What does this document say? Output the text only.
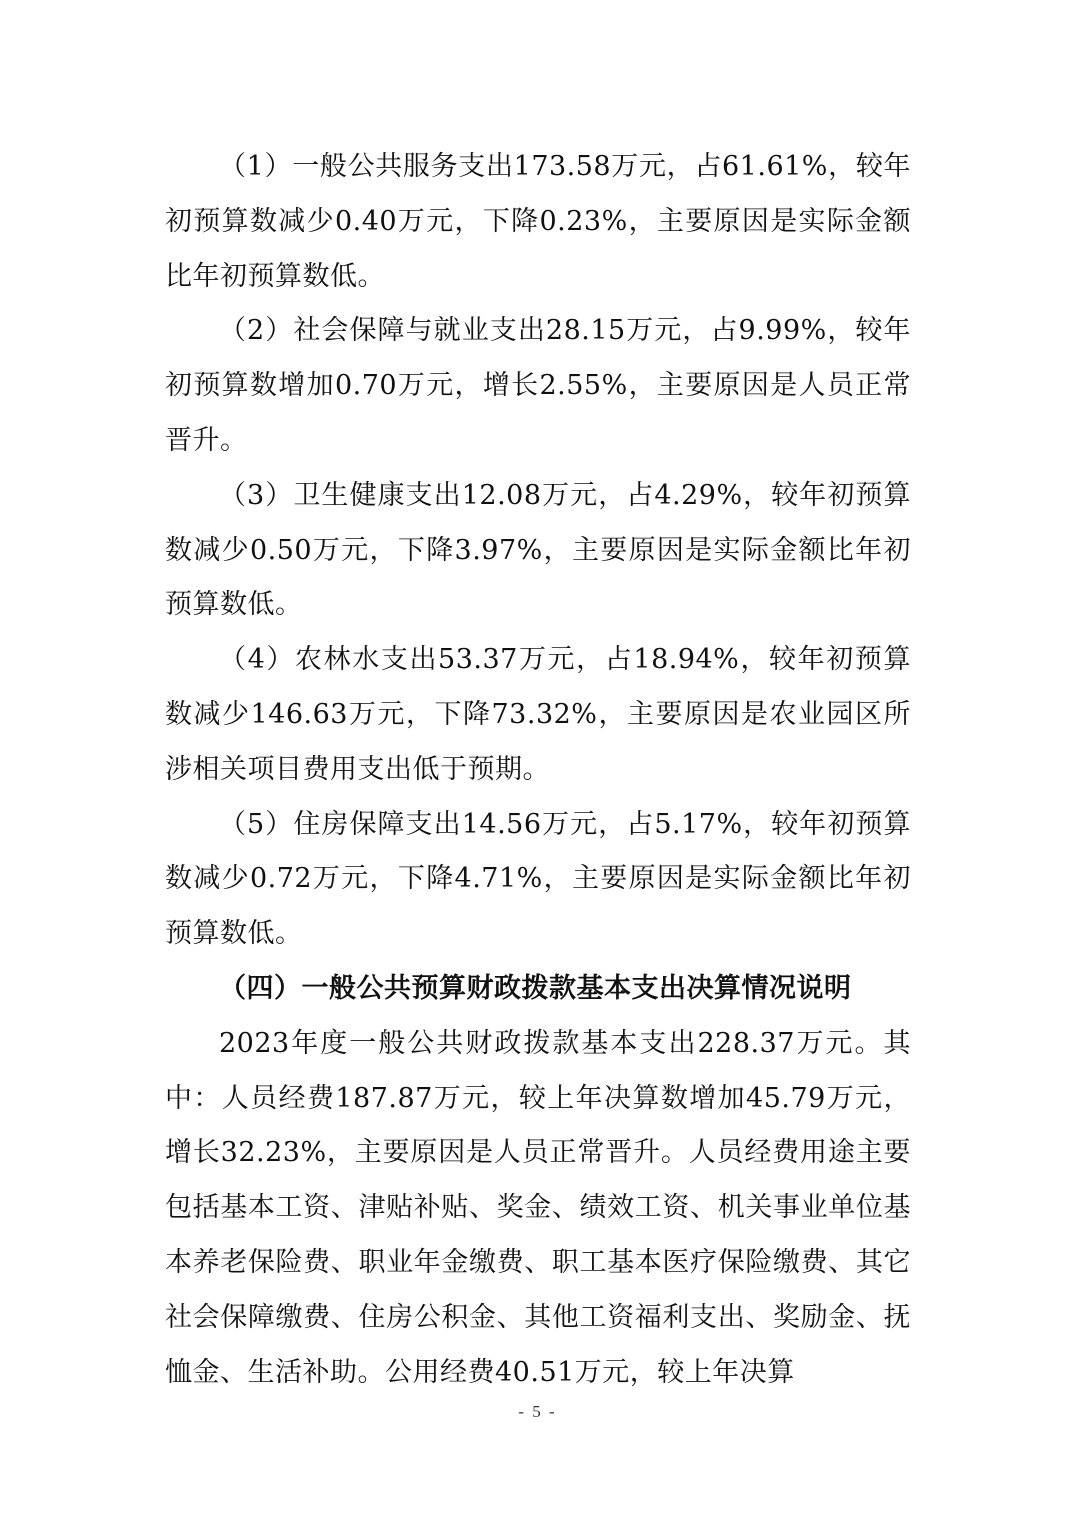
（1）一般公共服务支出173.58万元，占61.61%，较年初预算数减少0.40万元，下降0.23%，主要原因是实际金额比年初预算数低。

（2）社会保障与就业支出28.15万元，占9.99%，较年初预算数增加0.70万元，增长2.55%，主要原因是人员正常晋升。

（3）卫生健康支出12.08万元，占4.29%，较年初预算数减少0.50万元，下降3.97%，主要原因是实际金额比年初预算数低。

（4）农林水支出53.37万元，占18.94%，较年初预算数减少146.63万元，下降73.32%，主要原因是农业园区所涉相关项目费用支出低于预期。

（5）住房保障支出14.56万元，占5.17%，较年初预算数减少0.72万元，下降4.71%，主要原因是实际金额比年初预算数低。

（四）一般公共预算财政拨款基本支出决算情况说明

2023年度一般公共财政拨款基本支出228.37万元。其中：人员经费187.87万元，较上年决算数增加45.79万元，增长32.23%，主要原因是人员正常晋升。人员经费用途主要包括基本工资、津贴补贴、奖金、绩效工资、机关事业单位基本养老保险费、职业年金缴费、职工基本医疗保险缴费、其它社会保障缴费、住房公积金、其他工资福利支出、奖励金、抚恤金、生活补助。公用经费40.51万元，较上年决算

- 5 -
